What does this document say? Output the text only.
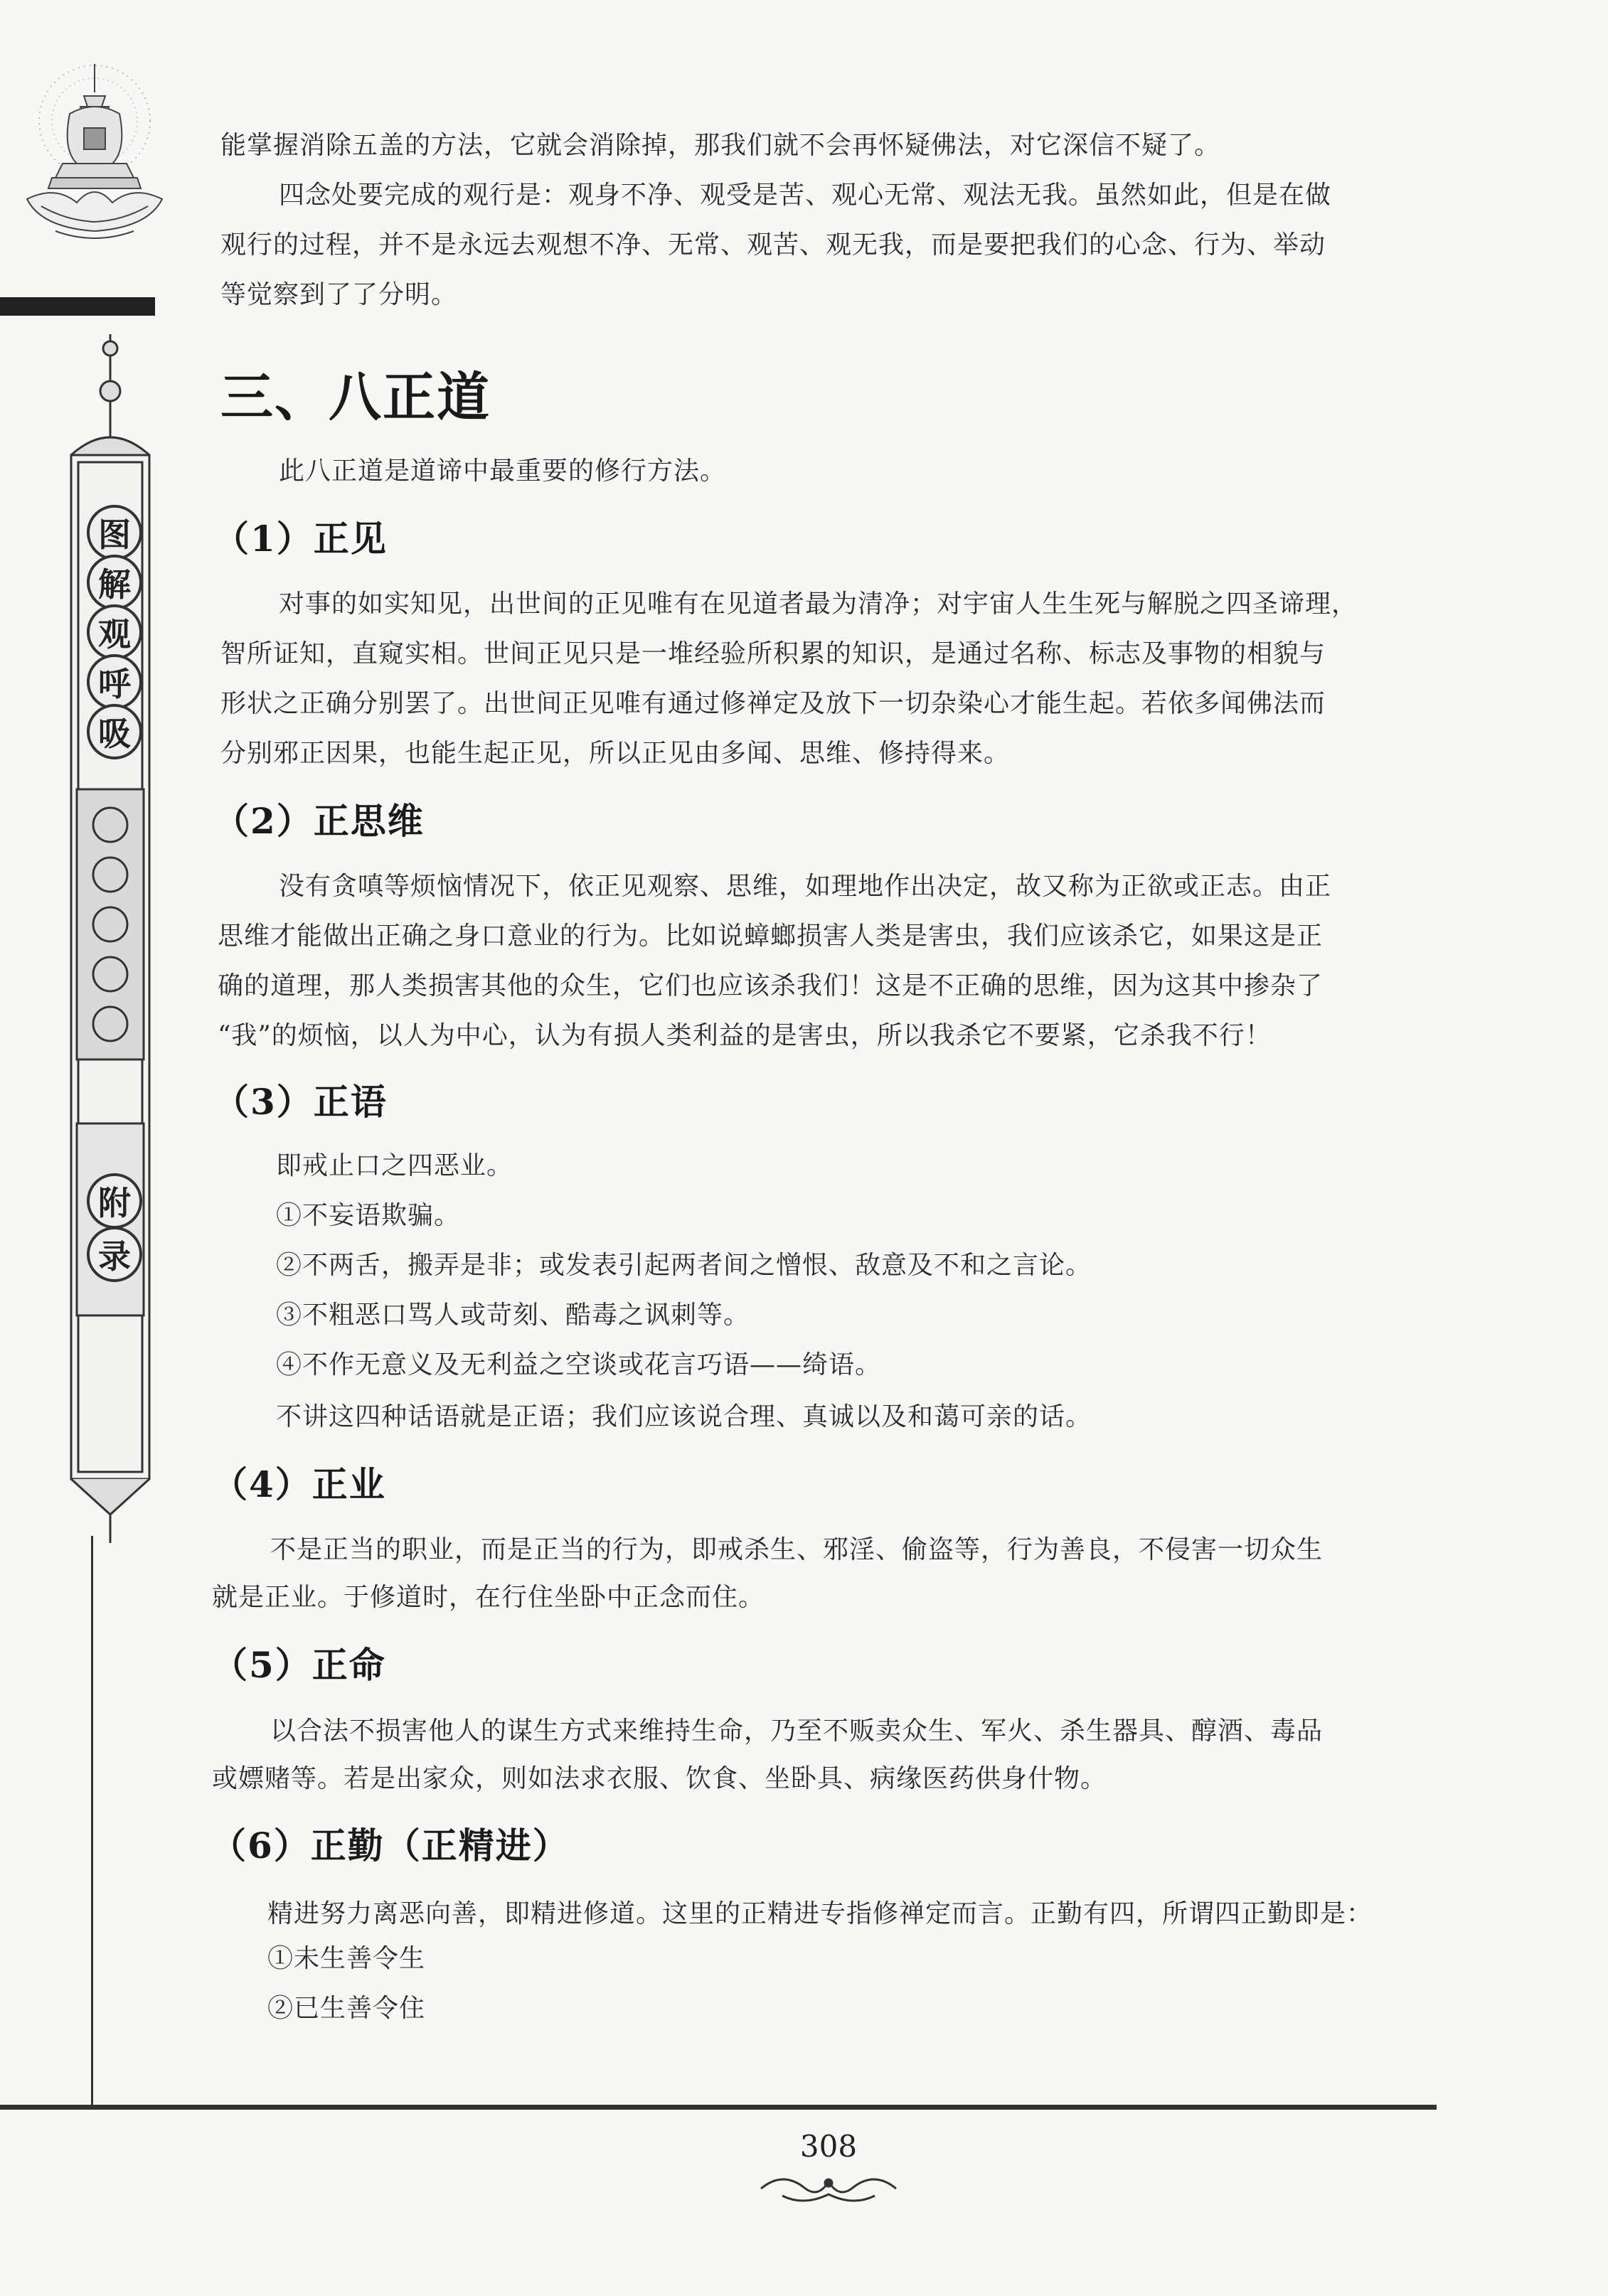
图
解
观
呼
吸
附
录
能掌握消除五盖的方法，它就会消除掉，那我们就不会再怀疑佛法，对它深信不疑了。
四念处要完成的观行是：观身不净、观受是苦、观心无常、观法无我。虽然如此，但是在做
观行的过程，并不是永远去观想不净、无常、观苦、观无我，而是要把我们的心念、行为、举动
等觉察到了了分明。
三、八正道
此八正道是道谛中最重要的修行方法。
（1）正见
对事的如实知见，出世间的正见唯有在见道者最为清净；对宇宙人生生死与解脱之四圣谛理，
智所证知，直窥实相。世间正见只是一堆经验所积累的知识，是通过名称、标志及事物的相貌与
形状之正确分别罢了。出世间正见唯有通过修禅定及放下一切杂染心才能生起。若依多闻佛法而
分别邪正因果，也能生起正见，所以正见由多闻、思维、修持得来。
（2）正思维
没有贪嗔等烦恼情况下，依正见观察、思维，如理地作出决定，故又称为正欲或正志。由正
思维才能做出正确之身口意业的行为。比如说蟑螂损害人类是害虫，我们应该杀它，如果这是正
确的道理，那人类损害其他的众生，它们也应该杀我们！这是不正确的思维，因为这其中掺杂了
“我”的烦恼，以人为中心，认为有损人类利益的是害虫，所以我杀它不要紧，它杀我不行！
（3）正语
即戒止口之四恶业。
①不妄语欺骗。
②不两舌，搬弄是非；或发表引起两者间之憎恨、敌意及不和之言论。
③不粗恶口骂人或苛刻、酷毒之讽刺等。
④不作无意义及无利益之空谈或花言巧语——绮语。
不讲这四种话语就是正语；我们应该说合理、真诚以及和蔼可亲的话。
（4）正业
不是正当的职业，而是正当的行为，即戒杀生、邪淫、偷盗等，行为善良，不侵害一切众生
就是正业。于修道时，在行住坐卧中正念而住。
（5）正命
以合法不损害他人的谋生方式来维持生命，乃至不贩卖众生、军火、杀生器具、醇酒、毒品
或嫖赌等。若是出家众，则如法求衣服、饮食、坐卧具、病缘医药供身什物。
（6）正勤（正精进）
精进努力离恶向善，即精进修道。这里的正精进专指修禅定而言。正勤有四，所谓四正勤即是：
①未生善令生
②已生善令住
308
